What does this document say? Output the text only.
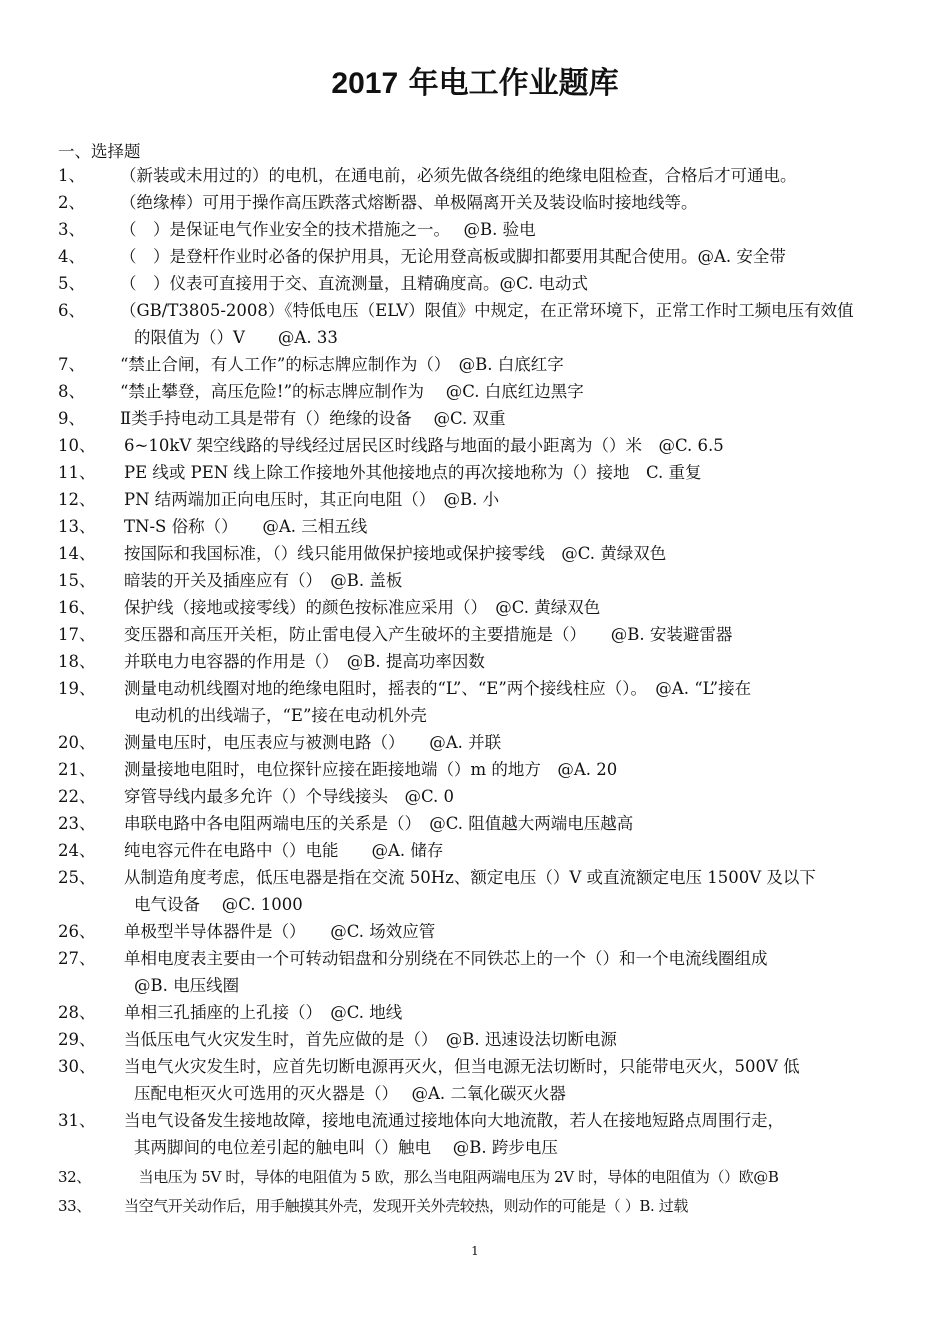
2017 年电工作业题库
一、选择题
1、 （新装或未用过的）的电机，在通电前，必须先做各绕组的绝缘电阻检查，合格后才可通电。
2、 （绝缘棒）可用于操作高压跌落式熔断器、单极隔离开关及装设临时接地线等。
3、 （　）是保证电气作业安全的技术措施之一。　 @B. 验电
4、 （　）是登杆作业时必备的保护用具，无论用登高板或脚扣都要用其配合使用。@A. 安全带
5、 （　）仪表可直接用于交、直流测量，且精确度高。@C. 电动式
6、 （GB/T3805-2008）《特低电压（ELV）限值》中规定，在正常环境下，正常工作时工频电压有效值
的限值为（）V　　@A. 33
7、 “禁止合闸，有人工作”的标志牌应制作为（）　@B. 白底红字
8、 “禁止攀登，高压危险!”的标志牌应制作为　 @C. 白底红边黑字
9、 Ⅱ类手持电动工具是带有（）绝缘的设备　 @C. 双重
10、 6~10kV 架空线路的导线经过居民区时线路与地面的最小距离为（）米　@C. 6.5
11、 PE 线或 PEN 线上除工作接地外其他接地点的再次接地称为（）接地　C. 重复
12、 PN 结两端加正向电压时，其正向电阻（）　@B. 小
13、 TN-S 俗称（）　　@A. 三相五线
14、 按国际和我国标准，（）线只能用做保护接地或保护接零线　@C. 黄绿双色
15、 暗装的开关及插座应有（）　@B. 盖板
16、 保护线（接地或接零线）的颜色按标准应采用（）　@C. 黄绿双色
17、 变压器和高压开关柜，防止雷电侵入产生破坏的主要措施是（）　　@B. 安装避雷器
18、 并联电力电容器的作用是（）　@B. 提高功率因数
19、 测量电动机线圈对地的绝缘电阻时，摇表的“L”、“E”两个接线柱应（）。　@A. “L”接在
电动机的出线端子，“E”接在电动机外壳
20、 测量电压时，电压表应与被测电路（）　　@A. 并联
21、 测量接地电阻时，电位探针应接在距接地端（）m 的地方　@A. 20
22、 穿管导线内最多允许（）个导线接头　@C. 0
23、 串联电路中各电阻两端电压的关系是（）　@C. 阻值越大两端电压越高
24、 纯电容元件在电路中（）电能　　@A. 储存
25、 从制造角度考虑，低压电器是指在交流 50Hz、额定电压（）V 或直流额定电压 1500V 及以下
电气设备　 @C. 1000
26、 单极型半导体器件是（）　　@C. 场效应管
27、 单相电度表主要由一个可转动铝盘和分别绕在不同铁芯上的一个（）和一个电流线圈组成
@B. 电压线圈
28、 单相三孔插座的上孔接（）　@C. 地线
29、 当低压电气火灾发生时，首先应做的是（）　@B. 迅速设法切断电源
30、 当电气火灾发生时，应首先切断电源再灭火，但当电源无法切断时，只能带电灭火，500V 低
压配电柜灭火可选用的灭火器是（）　 @A. 二氧化碳灭火器
31、 当电气设备发生接地故障，接地电流通过接地体向大地流散，若人在接地短路点周围行走，
其两脚间的电位差引起的触电叫（）触电　 @B. 跨步电压
32、　当电压为 5V 时，导体的电阻值为 5 欧，那么当电阻两端电压为 2V 时，导体的电阻值为（）欧@B
33、 当空气开关动作后，用手触摸其外壳，发现开关外壳较热，则动作的可能是（ ）B. 过载
1
